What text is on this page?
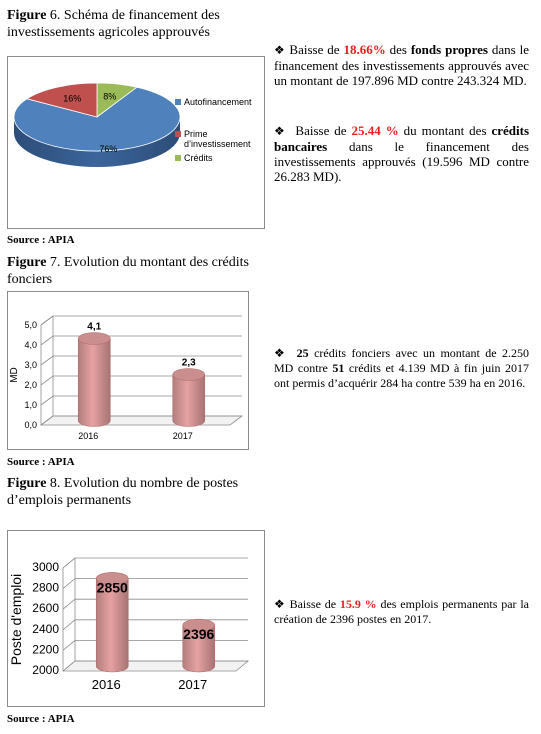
Figure 6. Schéma de financement des investissements agricoles approuvés
8%
76%
16%	Autofinancement
Prime d’investissement
Crédits
Source : APIA
Figure 7. Evolution du montant des crédits fonciers
0,0
1,0
2,0
3,0
4,0
5,0
MD
2016
4,1
2017
2,3
Source : APIA
Figure 8. Evolution du nombre de postes d’emplois permanents
2000
2200
2400
2600
2800
3000
Poste d'emploi
2016
2850
2017
2396
Source : APIA
❖ Baisse de 18.66% des fonds propres dans le financement des investissements approuvés avec un montant de 197.896 MD contre 243.324 MD.
❖ Baisse de 25.44 % du montant des crédits bancaires dans le financement des investissements approuvés (19.596 MD contre 26.283 MD).
❖ 25 crédits fonciers avec un montant de 2.250 MD contre 51 crédits et 4.139 MD à fin juin 2017 ont permis d’acquérir 284 ha contre 539 ha en 2016.
❖ Baisse de 15.9 % des emplois permanents par la création de 2396 postes en 2017.
